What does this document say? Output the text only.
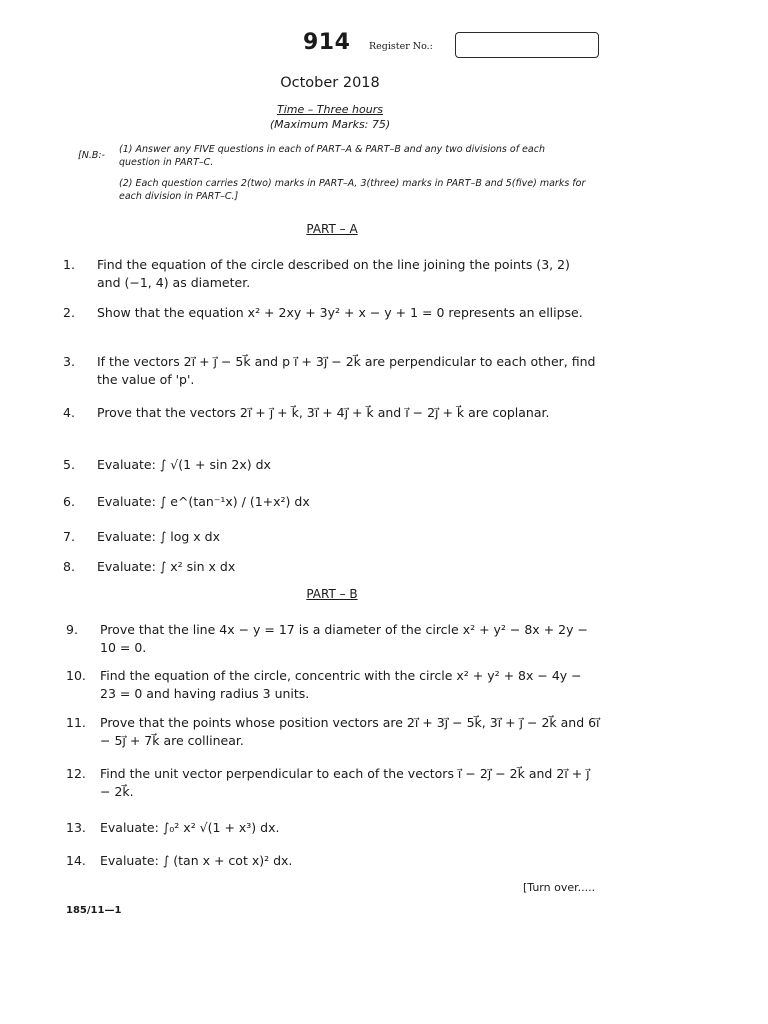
914 Register No.:
October 2018
Time – Three hours
(Maximum Marks: 75)
[N.B:-
(1) Answer any FIVE questions in each of PART–A & PART–B and any two divisions of each question in PART–C.
(2) Each question carries 2(two) marks in PART–A, 3(three) marks in PART–B and 5(five) marks for each division in PART–C.]
PART – A
1. Find the equation of the circle described on the line joining the points (3, 2) and (−1, 4) as diameter.
2. Show that the equation x² + 2xy + 3y² + x − y + 1 = 0 represents an ellipse.
3. If the vectors 2i⃗ + j⃗ − 5k⃗ and p i⃗ + 3j⃗ − 2k⃗ are perpendicular to each other, find the value of 'p'.
4. Prove that the vectors 2i⃗ + j⃗ + k⃗, 3i⃗ + 4j⃗ + k⃗ and i⃗ − 2j⃗ + k⃗ are coplanar.
5. Evaluate: ∫ √(1 + sin 2x) dx
6. Evaluate: ∫ e^(tan⁻¹x) / (1+x²) dx
7. Evaluate: ∫ log x dx
8. Evaluate: ∫ x² sin x dx
PART – B
9. Prove that the line 4x − y = 17 is a diameter of the circle x² + y² − 8x + 2y − 10 = 0.
10. Find the equation of the circle, concentric with the circle x² + y² + 8x − 4y − 23 = 0 and having radius 3 units.
11. Prove that the points whose position vectors are 2i⃗ + 3j⃗ − 5k⃗, 3i⃗ + j⃗ − 2k⃗ and 6i⃗ − 5j⃗ + 7k⃗ are collinear.
12. Find the unit vector perpendicular to each of the vectors i⃗ − 2j⃗ − 2k⃗ and 2i⃗ + j⃗ − 2k⃗.
13. Evaluate: ∫₀² x² √(1 + x³) dx.
14. Evaluate: ∫ (tan x + cot x)² dx.
[Turn over.....
185/11—1
